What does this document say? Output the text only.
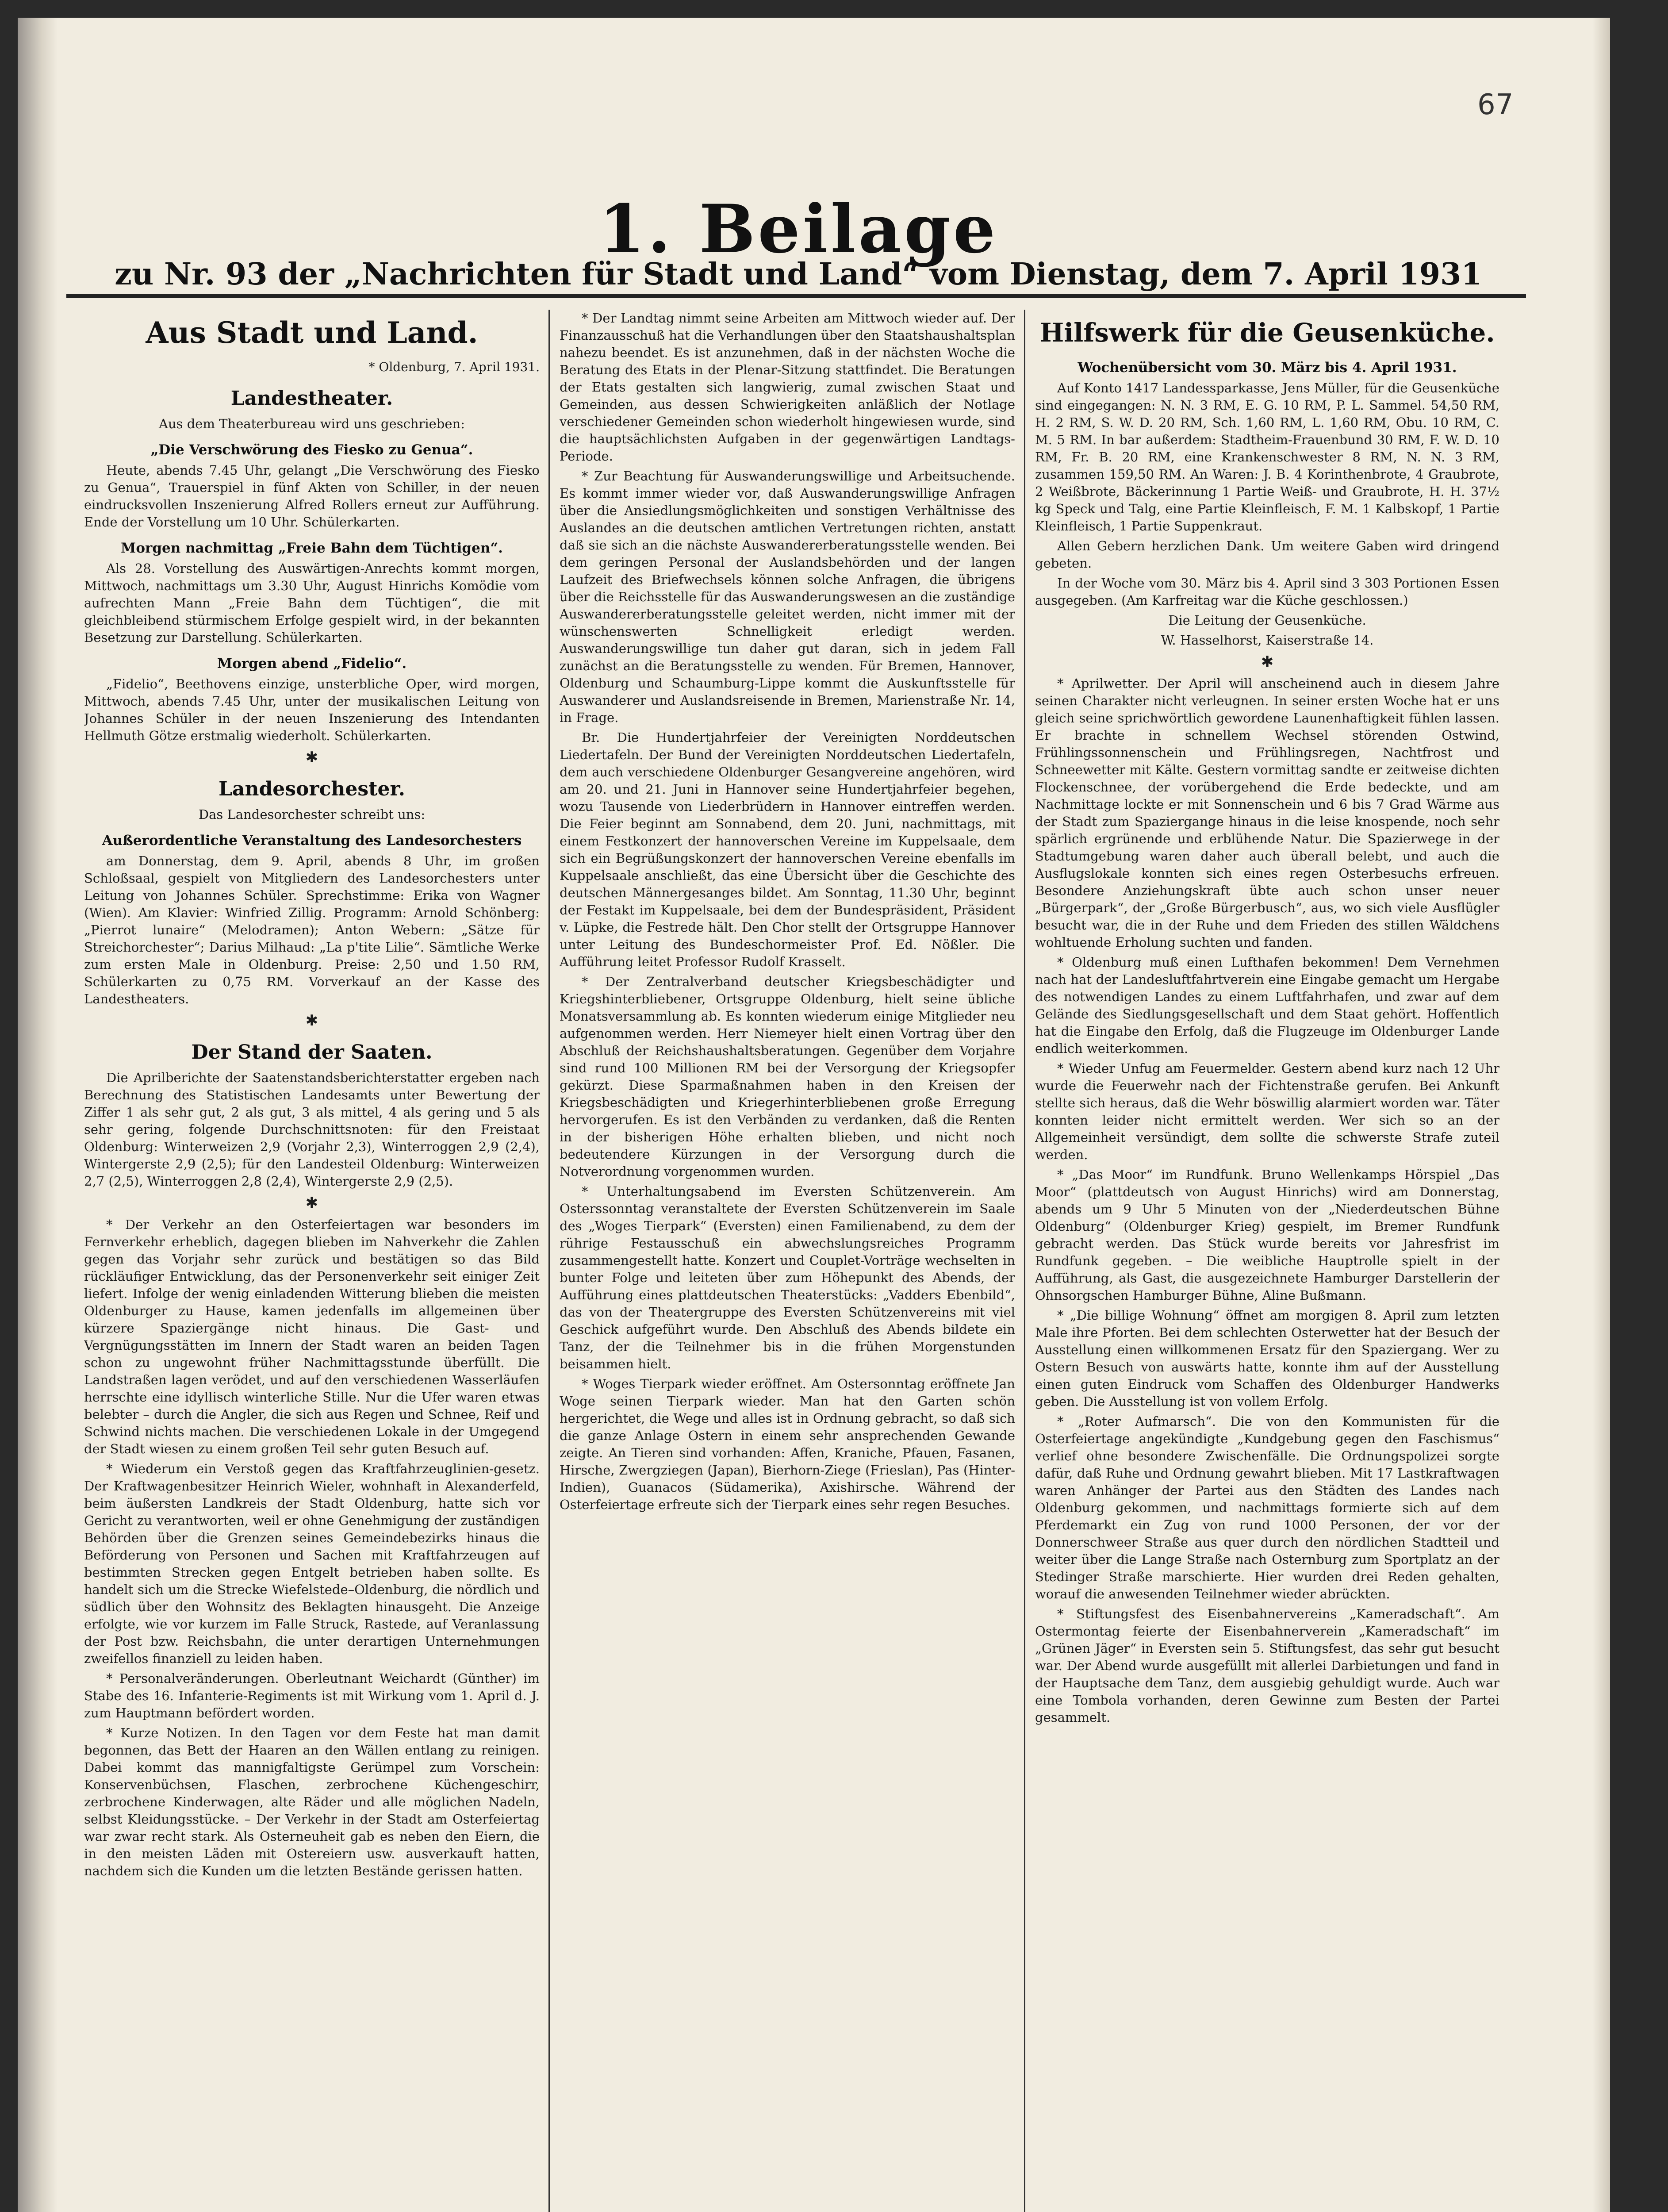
67
1. Beilage
zu Nr. 93 der „Nachrichten für Stadt und Land“ vom Dienstag, dem 7. April 1931
Aus Stadt und Land.

* Oldenburg, 7. April 1931.

Landestheater.

Aus dem Theaterbureau wird uns geschrieben:

„Die Verschwörung des Fiesko zu Genua“.

Heute, abends 7.45 Uhr, gelangt „Die Verschwörung des Fiesko zu Genua“, Trauerspiel in fünf Akten von Schiller, in der neuen eindrucksvollen Inszenierung Alfred Rollers erneut zur Aufführung. Ende der Vorstellung um 10 Uhr. Schülerkarten.

Morgen nachmittag „Freie Bahn dem Tüchtigen“.

Als 28. Vorstellung des Auswärtigen-Anrechts kommt morgen, Mittwoch, nachmittags um 3.30 Uhr, August Hinrichs Komödie vom aufrechten Mann „Freie Bahn dem Tüchtigen“, die mit gleichbleibend stürmischem Erfolge gespielt wird, in der bekannten Besetzung zur Darstellung. Schülerkarten.

Morgen abend „Fidelio“.

„Fidelio“, Beethovens einzige, unsterbliche Oper, wird morgen, Mittwoch, abends 7.45 Uhr, unter der musikalischen Leitung von Johannes Schüler in der neuen Inszenierung des Intendanten Hellmuth Götze erstmalig wiederholt. Schülerkarten.

✱
Landesorchester.

Das Landesorchester schreibt uns:

Außerordentliche Veranstaltung des Landesorchesters

am Donnerstag, dem 9. April, abends 8 Uhr, im großen Schloßsaal, gespielt von Mitgliedern des Landesorchesters unter Leitung von Johannes Schüler. Sprechstimme: Erika von Wagner (Wien). Am Klavier: Winfried Zillig. Programm: Arnold Schönberg: „Pierrot lunaire“ (Melodramen); Anton Webern: „Sätze für Streichorchester“; Darius Milhaud: „La p'tite Lilie“. Sämtliche Werke zum ersten Male in Oldenburg. Preise: 2,50 und 1.50 RM, Schülerkarten zu 0,75 RM. Vorverkauf an der Kasse des Landestheaters.

✱
Der Stand der Saaten.

Die Aprilberichte der Saatenstandsberichterstatter ergeben nach Berechnung des Statistischen Landesamts unter Bewertung der Ziffer 1 als sehr gut, 2 als gut, 3 als mittel, 4 als gering und 5 als sehr gering, folgende Durchschnittsnoten: für den Freistaat Oldenburg: Winterweizen 2,9 (Vorjahr 2,3), Winterroggen 2,9 (2,4), Wintergerste 2,9 (2,5); für den Landesteil Oldenburg: Winterweizen 2,7 (2,5), Winterroggen 2,8 (2,4), Wintergerste 2,9 (2,5).

✱

* Der Verkehr an den Osterfeiertagen war besonders im Fernverkehr erheblich, dagegen blieben im Nahverkehr die Zahlen gegen das Vorjahr sehr zurück und bestätigen so das Bild rückläufiger Entwicklung, das der Personenverkehr seit einiger Zeit liefert. Infolge der wenig einladenden Witterung blieben die meisten Oldenburger zu Hause, kamen jedenfalls im allgemeinen über kürzere Spaziergänge nicht hinaus. Die Gast- und Vergnügungsstätten im Innern der Stadt waren an beiden Tagen schon zu ungewohnt früher Nachmittagsstunde überfüllt. Die Landstraßen lagen verödet, und auf den verschiedenen Wasserläufen herrschte eine idyllisch winterliche Stille. Nur die Ufer waren etwas belebter – durch die Angler, die sich aus Regen und Schnee, Reif und Schwind nichts machen. Die verschiedenen Lokale in der Umgegend der Stadt wiesen zu einem großen Teil sehr guten Besuch auf.

* Wiederum ein Verstoß gegen das Kraftfahrzeuglinien-gesetz. Der Kraftwagenbesitzer Heinrich Wieler, wohnhaft in Alexanderfeld, beim äußersten Landkreis der Stadt Oldenburg, hatte sich vor Gericht zu verantworten, weil er ohne Genehmigung der zuständigen Behörden über die Grenzen seines Gemeindebezirks hinaus die Beförderung von Personen und Sachen mit Kraftfahrzeugen auf bestimmten Strecken gegen Entgelt betrieben haben sollte. Es handelt sich um die Strecke Wiefelstede–Oldenburg, die nördlich und südlich über den Wohnsitz des Beklagten hinausgeht. Die Anzeige erfolgte, wie vor kurzem im Falle Struck, Rastede, auf Veranlassung der Post bzw. Reichsbahn, die unter derartigen Unternehmungen zweifellos finanziell zu leiden haben.

* Personalveränderungen. Oberleutnant Weichardt (Günther) im Stabe des 16. Infanterie-Regiments ist mit Wirkung vom 1. April d. J. zum Hauptmann befördert worden.

* Kurze Notizen. In den Tagen vor dem Feste hat man damit begonnen, das Bett der Haaren an den Wällen entlang zu reinigen. Dabei kommt das mannigfaltigste Gerümpel zum Vorschein: Konservenbüchsen, Flaschen, zerbrochene Küchengeschirr, zerbrochene Kinderwagen, alte Räder und alle möglichen Nadeln, selbst Kleidungsstücke. – Der Verkehr in der Stadt am Osterfeiertag war zwar recht stark. Als Osterneuheit gab es neben den Eiern, die in den meisten Läden mit Ostereiern usw. ausverkauft hatten, nachdem sich die Kunden um die letzten Bestände gerissen hatten.

* Der Landtag nimmt seine Arbeiten am Mittwoch wieder auf. Der Finanzausschuß hat die Verhandlungen über den Staatshaushaltsplan nahezu beendet. Es ist anzunehmen, daß in der nächsten Woche die Beratung des Etats in der Plenar-Sitzung stattfindet. Die Beratungen der Etats gestalten sich langwierig, zumal zwischen Staat und Gemeinden, aus dessen Schwierigkeiten anläßlich der Notlage verschiedener Gemeinden schon wiederholt hingewiesen wurde, sind die hauptsächlichsten Aufgaben in der gegenwärtigen Landtags-Periode.

* Zur Beachtung für Auswanderungswillige und Arbeitsuchende. Es kommt immer wieder vor, daß Auswanderungswillige Anfragen über die Ansiedlungsmöglichkeiten und sonstigen Verhältnisse des Auslandes an die deutschen amtlichen Vertretungen richten, anstatt daß sie sich an die nächste Auswandererberatungsstelle wenden. Bei dem geringen Personal der Auslandsbehörden und der langen Laufzeit des Briefwechsels können solche Anfragen, die übrigens über die Reichsstelle für das Auswanderungswesen an die zuständige Auswandererberatungsstelle geleitet werden, nicht immer mit der wünschenswerten Schnelligkeit erledigt werden. Auswanderungswillige tun daher gut daran, sich in jedem Fall zunächst an die Beratungsstelle zu wenden. Für Bremen, Hannover, Oldenburg und Schaumburg-Lippe kommt die Auskunftsstelle für Auswanderer und Auslandsreisende in Bremen, Marienstraße Nr. 14, in Frage.

Br. Die Hundertjahrfeier der Vereinigten Norddeutschen Liedertafeln. Der Bund der Vereinigten Norddeutschen Liedertafeln, dem auch verschiedene Oldenburger Gesangvereine angehören, wird am 20. und 21. Juni in Hannover seine Hundertjahrfeier begehen, wozu Tausende von Liederbrüdern in Hannover eintreffen werden. Die Feier beginnt am Sonnabend, dem 20. Juni, nachmittags, mit einem Festkonzert der hannoverschen Vereine im Kuppelsaale, dem sich ein Begrüßungskonzert der hannoverschen Vereine ebenfalls im Kuppelsaale anschließt, das eine Übersicht über die Geschichte des deutschen Männergesanges bildet. Am Sonntag, 11.30 Uhr, beginnt der Festakt im Kuppelsaale, bei dem der Bundespräsident, Präsident v. Lüpke, die Festrede hält. Den Chor stellt der Ortsgruppe Hannover unter Leitung des Bundeschormeister Prof. Ed. Nößler. Die Aufführung leitet Professor Rudolf Krasselt.

* Der Zentralverband deutscher Kriegsbeschädigter und Kriegshinterbliebener, Ortsgruppe Oldenburg, hielt seine übliche Monatsversammlung ab. Es konnten wiederum einige Mitglieder neu aufgenommen werden. Herr Niemeyer hielt einen Vortrag über den Abschluß der Reichshaushaltsberatungen. Gegenüber dem Vorjahre sind rund 100 Millionen RM bei der Versorgung der Kriegsopfer gekürzt. Diese Sparmaßnahmen haben in den Kreisen der Kriegsbeschädigten und Kriegerhinterbliebenen große Erregung hervorgerufen. Es ist den Verbänden zu verdanken, daß die Renten in der bisherigen Höhe erhalten blieben, und nicht noch bedeutendere Kürzungen in der Versorgung durch die Notverordnung vorgenommen wurden.

* Unterhaltungsabend im Eversten Schützenverein. Am Osterssonntag veranstaltete der Eversten Schützenverein im Saale des „Woges Tierpark“ (Eversten) einen Familienabend, zu dem der rührige Festausschuß ein abwechslungsreiches Programm zusammengestellt hatte. Konzert und Couplet-Vorträge wechselten in bunter Folge und leiteten über zum Höhepunkt des Abends, der Aufführung eines plattdeutschen Theaterstücks: „Vadders Ebenbild“, das von der Theatergruppe des Eversten Schützenvereins mit viel Geschick aufgeführt wurde. Den Abschluß des Abends bildete ein Tanz, der die Teilnehmer bis in die frühen Morgenstunden beisammen hielt.

* Woges Tierpark wieder eröffnet. Am Ostersonntag eröffnete Jan Woge seinen Tierpark wieder. Man hat den Garten schön hergerichtet, die Wege und alles ist in Ordnung gebracht, so daß sich die ganze Anlage Ostern in einem sehr ansprechenden Gewande zeigte. An Tieren sind vorhanden: Affen, Kraniche, Pfauen, Fasanen, Hirsche, Zwergziegen (Japan), Bierhorn-Ziege (Frieslan), Pas (Hinter-Indien), Guanacos (Südamerika), Axishirsche. Während der Osterfeiertage erfreute sich der Tierpark eines sehr regen Besuches.

Hilfswerk für die Geusenküche.
Wochenübersicht vom 30. März bis 4. April 1931.

Auf Konto 1417 Landessparkasse, Jens Müller, für die Geusenküche sind eingegangen: N. N. 3 RM, E. G. 10 RM, P. L. Sammel. 54,50 RM, H. 2 RM, S. W. D. 20 RM, Sch. 1,60 RM, L. 1,60 RM, Obu. 10 RM, C. M. 5 RM. In bar außerdem: Stadtheim-Frauenbund 30 RM, F. W. D. 10 RM, Fr. B. 20 RM, eine Krankenschwester 8 RM, N. N. 3 RM, zusammen 159,50 RM. An Waren: J. B. 4 Korinthenbrote, 4 Graubrote, 2 Weißbrote, Bäckerinnung 1 Partie Weiß- und Graubrote, H. H. 37½ kg Speck und Talg, eine Partie Kleinfleisch, F. M. 1 Kalbskopf, 1 Partie Kleinfleisch, 1 Partie Suppenkraut.

Allen Gebern herzlichen Dank. Um weitere Gaben wird dringend gebeten.

In der Woche vom 30. März bis 4. April sind 3 303 Portionen Essen ausgegeben. (Am Karfreitag war die Küche geschlossen.)

Die Leitung der Geusenküche.

W. Hasselhorst, Kaiserstraße 14.

✱

* Aprilwetter. Der April will anscheinend auch in diesem Jahre seinen Charakter nicht verleugnen. In seiner ersten Woche hat er uns gleich seine sprichwörtlich gewordene Launenhaftigkeit fühlen lassen. Er brachte in schnellem Wechsel störenden Ostwind, Frühlingssonnenschein und Frühlingsregen, Nachtfrost und Schneewetter mit Kälte. Gestern vormittag sandte er zeitweise dichten Flockenschnee, der vorübergehend die Erde bedeckte, und am Nachmittage lockte er mit Sonnenschein und 6 bis 7 Grad Wärme aus der Stadt zum Spaziergange hinaus in die leise knospende, noch sehr spärlich ergrünende und erblühende Natur. Die Spazierwege in der Stadtumgebung waren daher auch überall belebt, und auch die Ausflugslokale konnten sich eines regen Osterbesuchs erfreuen. Besondere Anziehungskraft übte auch schon unser neuer „Bürgerpark“, der „Große Bürgerbusch“, aus, wo sich viele Ausflügler besucht war, die in der Ruhe und dem Frieden des stillen Wäldchens wohltuende Erholung suchten und fanden.

* Oldenburg muß einen Lufthafen bekommen! Dem Vernehmen nach hat der Landesluftfahrtverein eine Eingabe gemacht um Hergabe des notwendigen Landes zu einem Luftfahrhafen, und zwar auf dem Gelände des Siedlungsgesellschaft und dem Staat gehört. Hoffentlich hat die Eingabe den Erfolg, daß die Flugzeuge im Oldenburger Lande endlich weiterkommen.

* Wieder Unfug am Feuermelder. Gestern abend kurz nach 12 Uhr wurde die Feuerwehr nach der Fichtenstraße gerufen. Bei Ankunft stellte sich heraus, daß die Wehr böswillig alarmiert worden war. Täter konnten leider nicht ermittelt werden. Wer sich so an der Allgemeinheit versündigt, dem sollte die schwerste Strafe zuteil werden.

* „Das Moor“ im Rundfunk. Bruno Wellenkamps Hörspiel „Das Moor“ (plattdeutsch von August Hinrichs) wird am Donnerstag, abends um 9 Uhr 5 Minuten von der „Niederdeutschen Bühne Oldenburg“ (Oldenburger Krieg) gespielt, im Bremer Rundfunk gebracht werden. Das Stück wurde bereits vor Jahresfrist im Rundfunk gegeben. – Die weibliche Hauptrolle spielt in der Aufführung, als Gast, die ausgezeichnete Hamburger Darstellerin der Ohnsorgschen Hamburger Bühne, Aline Bußmann.

* „Die billige Wohnung“ öffnet am morgigen 8. April zum letzten Male ihre Pforten. Bei dem schlechten Osterwetter hat der Besuch der Ausstellung einen willkommenen Ersatz für den Spaziergang. Wer zu Ostern Besuch von auswärts hatte, konnte ihm auf der Ausstellung einen guten Eindruck vom Schaffen des Oldenburger Handwerks geben. Die Ausstellung ist von vollem Erfolg.

* „Roter Aufmarsch“. Die von den Kommunisten für die Osterfeiertage angekündigte „Kundgebung gegen den Faschismus“ verlief ohne besondere Zwischenfälle. Die Ordnungspolizei sorgte dafür, daß Ruhe und Ordnung gewahrt blieben. Mit 17 Lastkraftwagen waren Anhänger der Partei aus den Städten des Landes nach Oldenburg gekommen, und nachmittags formierte sich auf dem Pferdemarkt ein Zug von rund 1000 Personen, der vor der Donnerschweer Straße aus quer durch den nördlichen Stadtteil und weiter über die Lange Straße nach Osternburg zum Sportplatz an der Stedinger Straße marschierte. Hier wurden drei Reden gehalten, worauf die anwesenden Teilnehmer wieder abrückten.

* Stiftungsfest des Eisenbahnervereins „Kameradschaft“. Am Ostermontag feierte der Eisenbahnerverein „Kameradschaft“ im „Grünen Jäger“ in Eversten sein 5. Stiftungsfest, das sehr gut besucht war. Der Abend wurde ausgefüllt mit allerlei Darbietungen und fand in der Hauptsache dem Tanz, dem ausgiebig gehuldigt wurde. Auch war eine Tombola vorhanden, deren Gewinne zum Besten der Partei gesammelt.
